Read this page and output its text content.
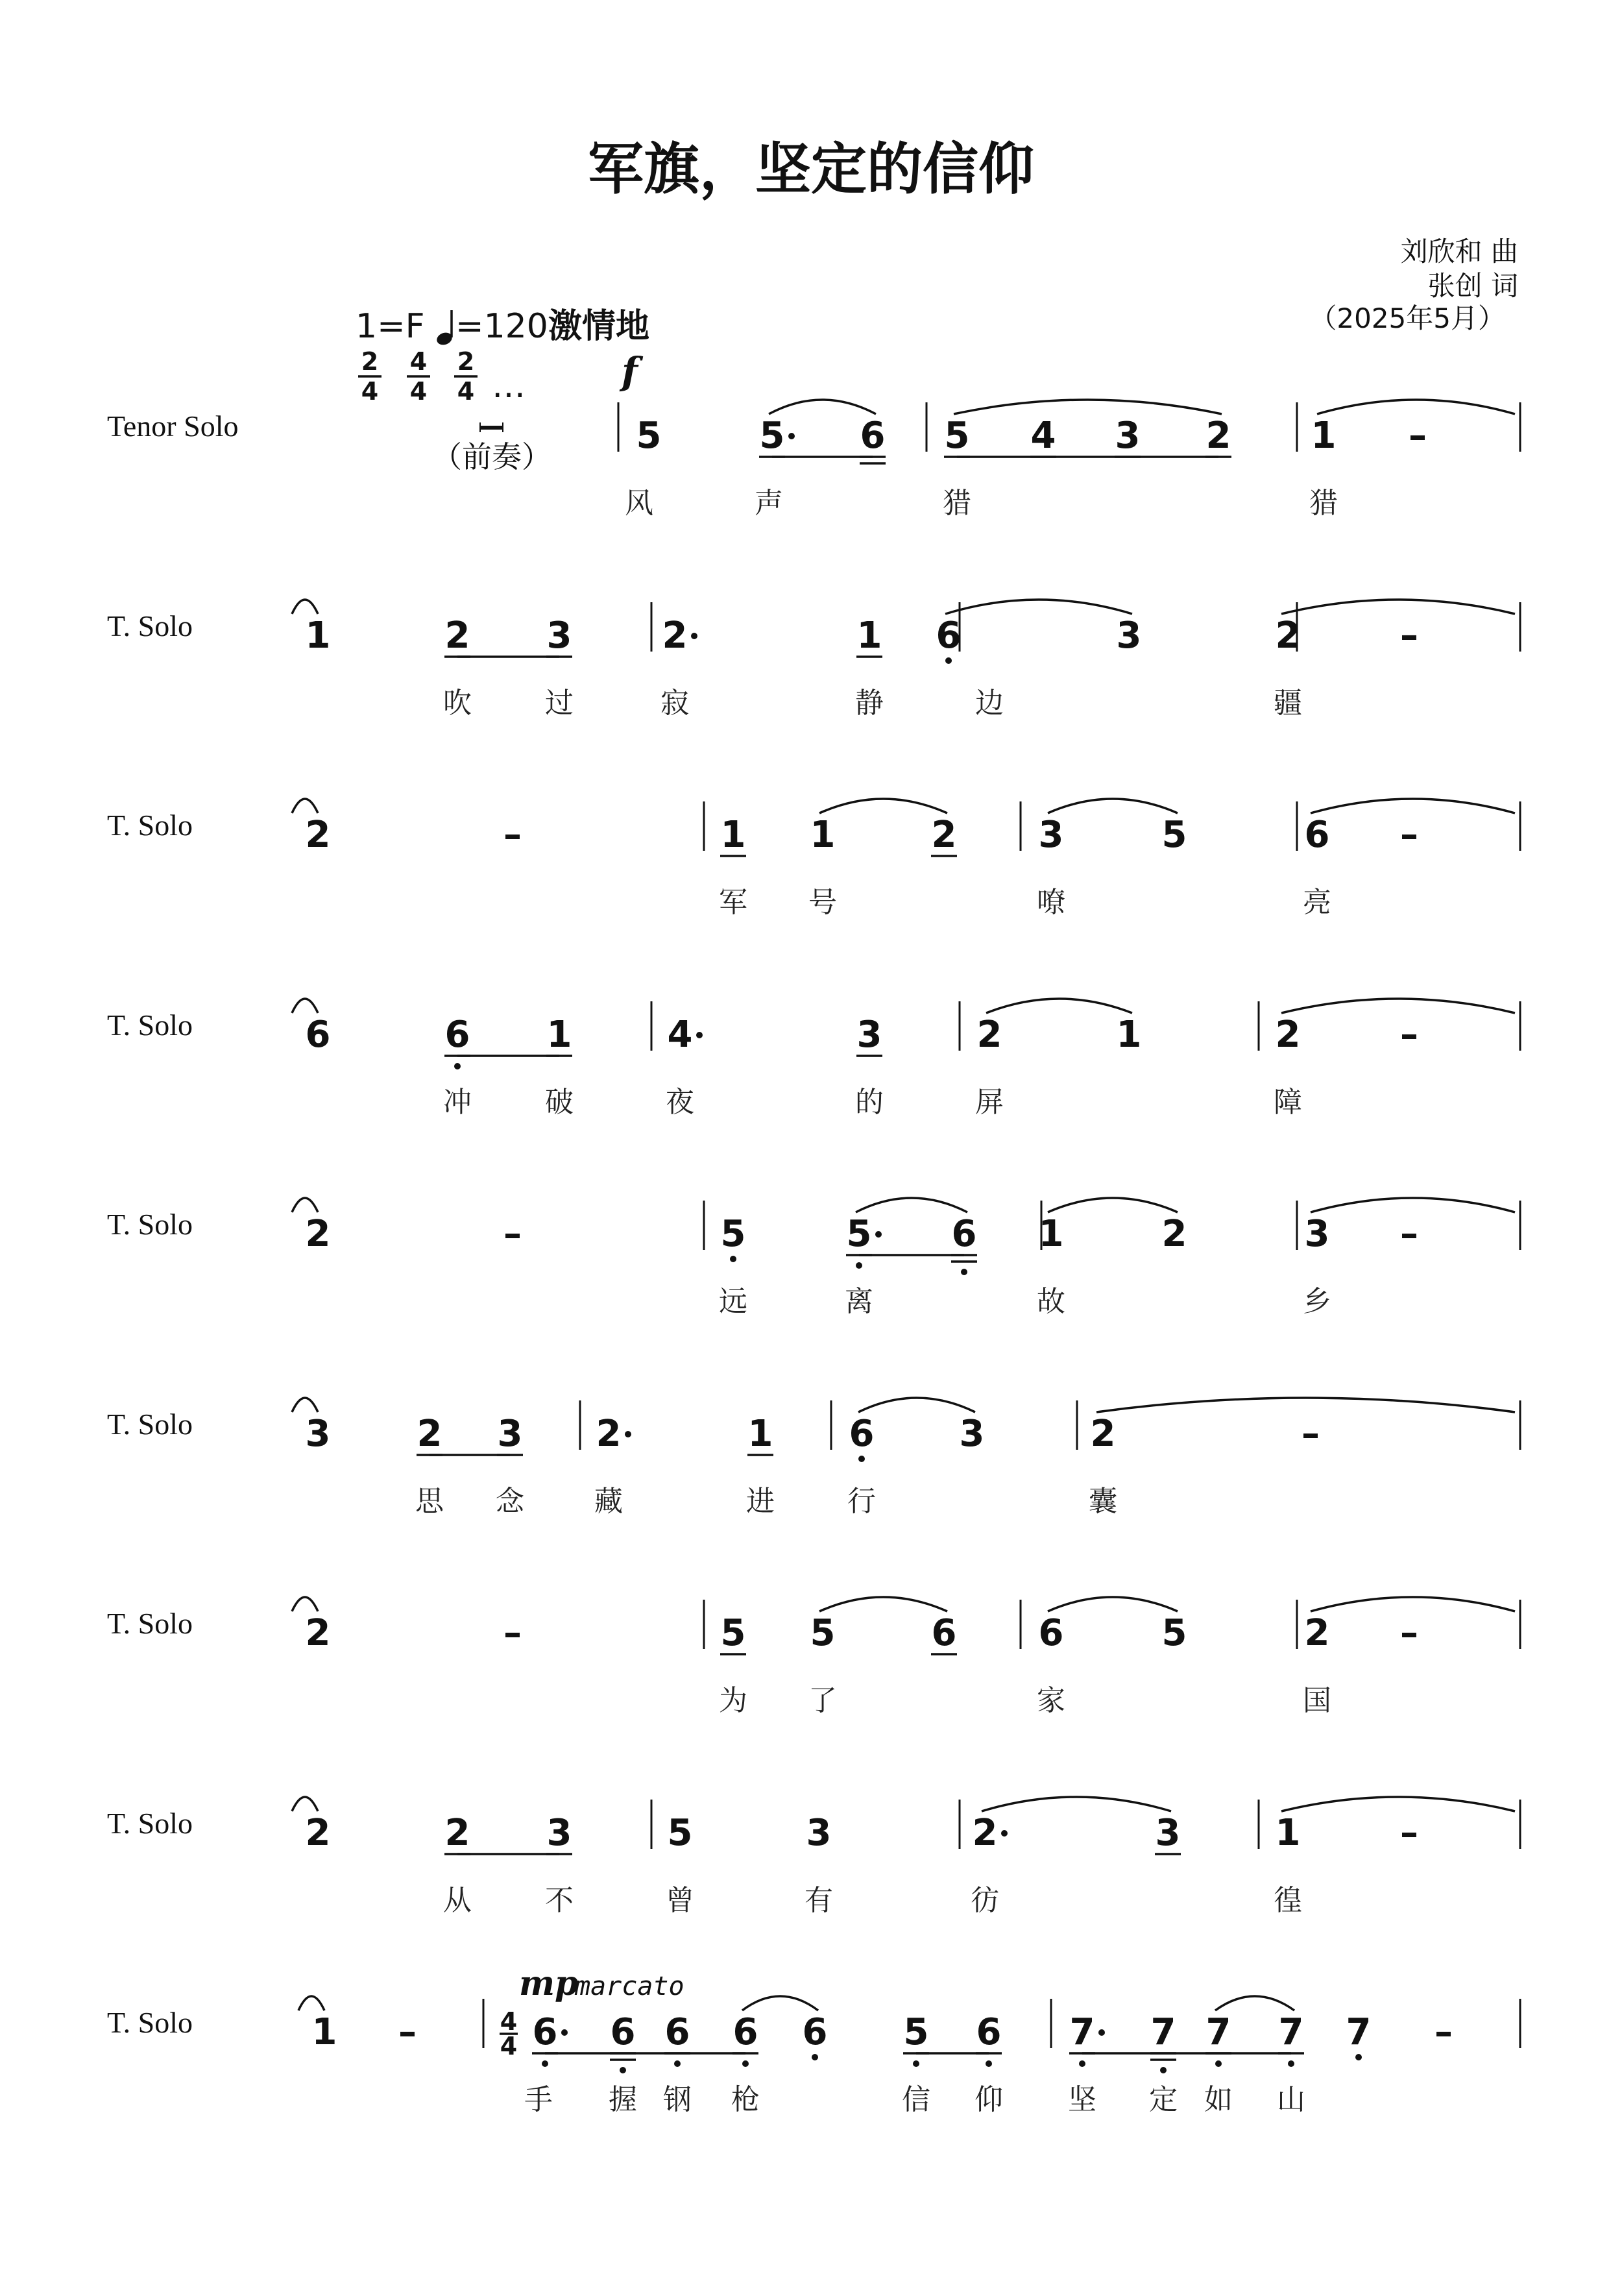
军旗，坚定的信仰
刘欣和 曲
张创 词
（2025年5月）
1=F =120 激情地
2
4
4
4
2
4 …	f
（前奏）
mp
marcato
4
4
Tenor Solo	5	5 6 5 4 3 2 1 –
风	声	猎	猎
T. Solo	1	2 3 2	1 6	3	2	–
吹	过	寂	静	边	疆
T. Solo	2	–	1 1	2 3	5	6 –
军 号	嘹	亮
T. Solo	6	6 1	4	3	2	1	2	–
冲	破	夜	的	屏	障
T. Solo	2	–	5	5 6 1	2	3 –
远	离	故	乡
T. Solo	3 2 3 2	1 6 3	2	–
思 念 藏	进	行	囊
T. Solo	2	–	5 5	6 6	5	2 –
为 了	家	国
T. Solo	2	2 3	5	3	2	3	1	–
从	不	曾	有	彷	徨
T. Solo	1 –	6 6 6 6 6 5 6 7 7 7 7 7 –
手 握 钢 枪	信 仰 坚 定 如 山
